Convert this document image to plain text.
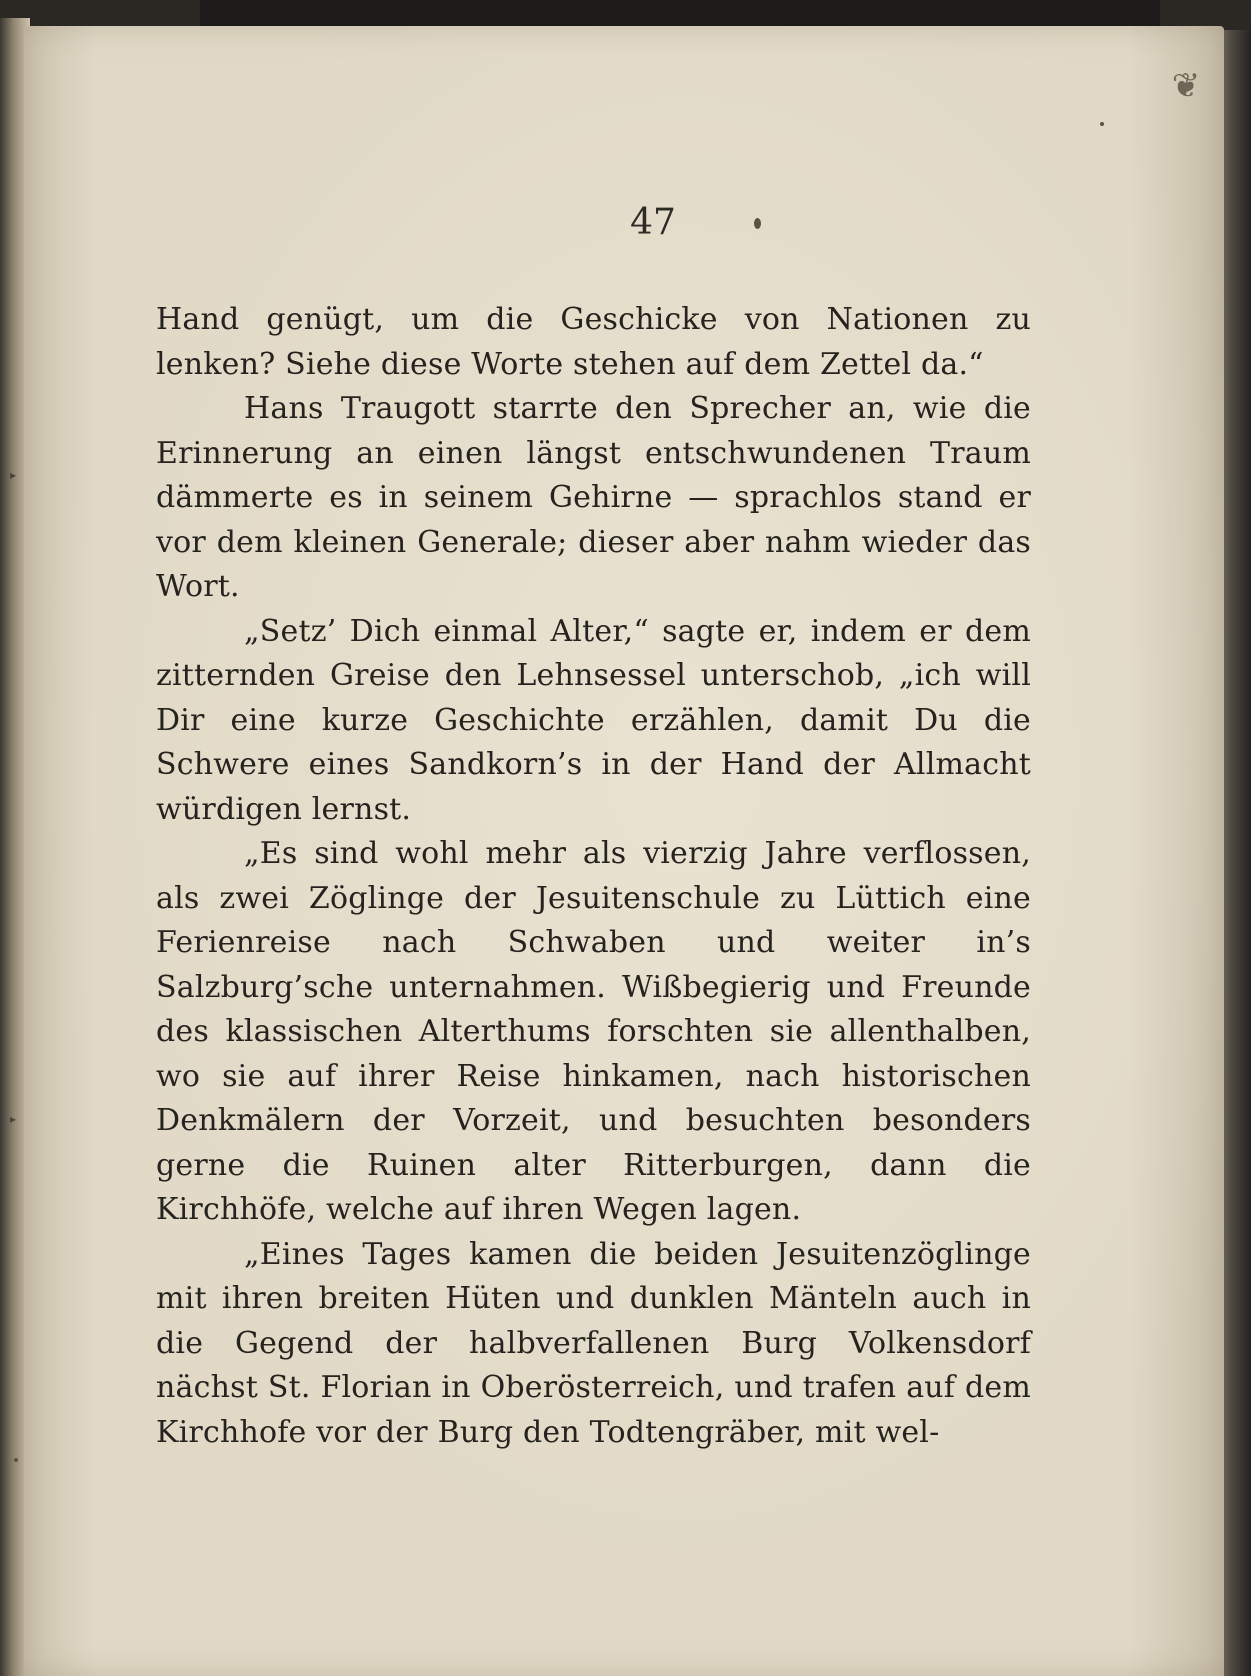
❦
▸
▸

47

Hand genügt, um die Geschicke von Nationen zu lenken? Siehe diese Worte stehen auf dem Zettel da.“

Hans Traugott starrte den Sprecher an, wie die Erinnerung an einen längst entschwundenen Traum dämmerte es in seinem Gehirne — sprachlos stand er vor dem kleinen Generale; dieser aber nahm wieder das Wort.

„Setz’ Dich einmal Alter,“ sagte er, indem er dem zitternden Greise den Lehnsessel unterschob, „ich will Dir eine kurze Geschichte erzählen, damit Du die Schwere eines Sandkorn’s in der Hand der Allmacht würdigen lernst.

„Es sind wohl mehr als vierzig Jahre verflossen, als zwei Zöglinge der Jesuitenschule zu Lüttich eine Ferienreise nach Schwaben und weiter in’s Salzburg’sche unternahmen. Wißbegierig und Freunde des klassischen Alterthums forschten sie allenthalben, wo sie auf ihrer Reise hinkamen, nach historischen Denkmälern der Vorzeit, und besuchten besonders gerne die Ruinen alter Ritterburgen, dann die Kirchhöfe, welche auf ihren Wegen lagen.

„Eines Tages kamen die beiden Jesuitenzöglinge mit ihren breiten Hüten und dunklen Mänteln auch in die Gegend der halbverfallenen Burg Volkensdorf nächst St. Florian in Oberösterreich, und trafen auf dem Kirchhofe vor der Burg den Todtengräber, mit wel-
